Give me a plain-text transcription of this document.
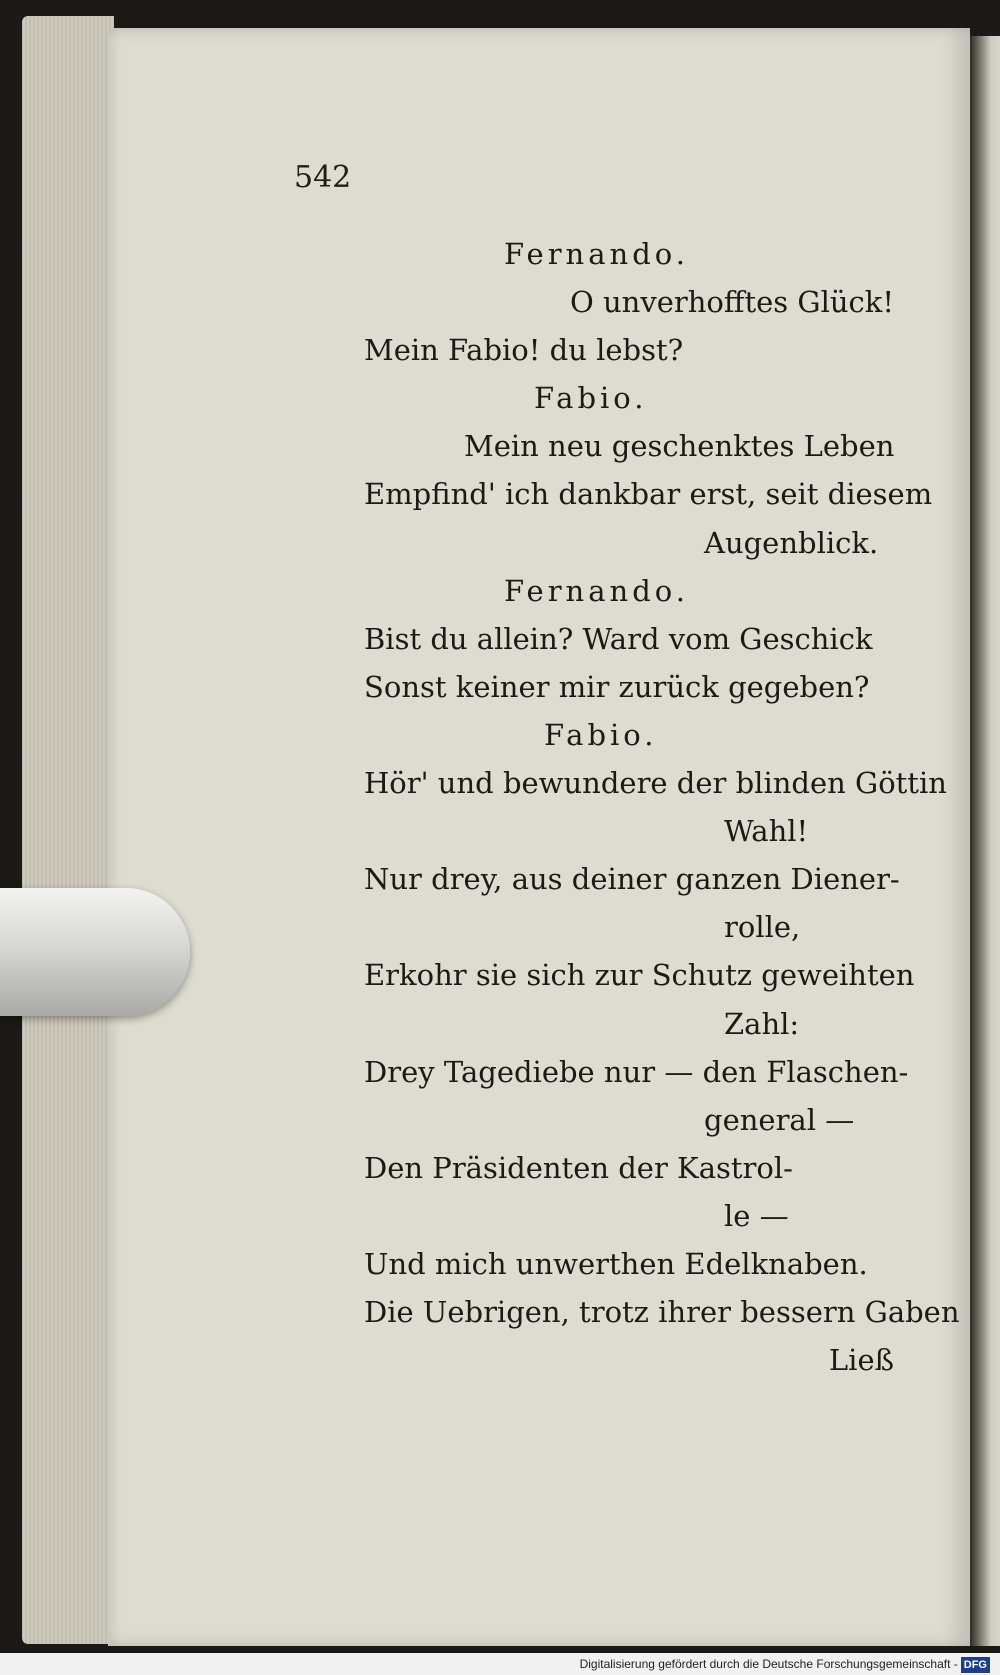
542
Fernando.
O unverhofftes Glück!
Mein Fabio! du lebst?
Fabio.
Mein neu geschenktes Leben
Empfind' ich dankbar erst, seit diesem
Augenblick.
Fernando.
Bist du allein? Ward vom Geschick
Sonst keiner mir zurück gegeben?
Fabio.
Hör' und bewundere der blinden Göttin
Wahl!
Nur drey, aus deiner ganzen Diener-
rolle,
Erkohr sie sich zur Schutz geweihten
Zahl:
Drey Tagediebe nur — den Flaschen-
general —
Den Präsidenten der Kastrol-
le —
Und mich unwerthen Edelknaben.
Die Uebrigen, trotz ihrer bessern Gaben
Ließ
Digitalisierung gefördert durch die Deutsche Forschungsgemeinschaft - DFG
